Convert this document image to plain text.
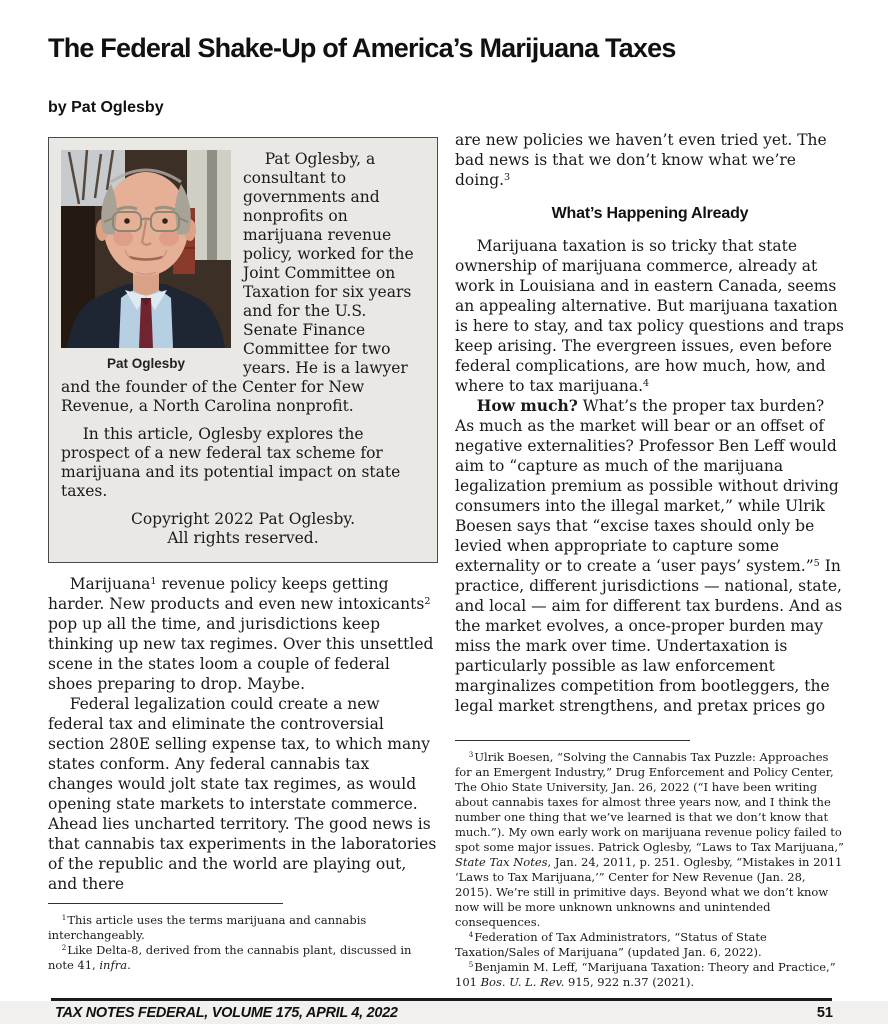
The Federal Shake-Up of America’s Marijuana Taxes
by Pat Oglesby
Pat Oglesby

Pat Oglesby, a consultant to governments and nonprofits on marijuana revenue policy, worked for the Joint Committee on Taxation for six years and for the U.S. Senate Finance Committee for two years. He is a lawyer and the founder of the Center for New Revenue, a North Carolina nonprofit.

In this article, Oglesby explores the prospect of a new federal tax scheme for marijuana and its potential impact on state taxes.

Copyright 2022 Pat Oglesby.
All rights reserved.

Marijuana$^1$ revenue policy keeps getting harder. New products and even new intoxicants$^2$ pop up all the time, and jurisdictions keep thinking up new tax regimes. Over this unsettled scene in the states loom a couple of federal shoes preparing to drop. Maybe.

Federal legalization could create a new federal tax and eliminate the controversial section 280E selling expense tax, to which many states conform. Any federal cannabis tax changes would jolt state tax regimes, as would opening state markets to interstate commerce. Ahead lies uncharted territory. The good news is that cannabis tax experiments in the laboratories of the republic and the world are playing out, and there

are new policies we haven’t even tried yet. The bad news is that we don’t know what we’re doing.$^3$

What’s Happening Already

Marijuana taxation is so tricky that state ownership of marijuana commerce, already at work in Louisiana and in eastern Canada, seems an appealing alternative. But marijuana taxation is here to stay, and tax policy questions and traps keep arising. The evergreen issues, even before federal complications, are how much, how, and where to tax marijuana.$^4$

How much? What’s the proper tax burden? As much as the market will bear or an offset of negative externalities? Professor Ben Leff would aim to “capture as much of the marijuana legalization premium as possible without driving consumers into the illegal market,” while Ulrik Boesen says that “excise taxes should only be levied when appropriate to capture some externality or to create a ‘user pays’ system.”$^5$ In practice, different jurisdictions — national, state, and local — aim for different tax burdens. And as the market evolves, a once-proper burden may miss the mark over time. Undertaxation is particularly possible as law enforcement marginalizes competition from bootleggers, the legal market strengthens, and pretax prices go

$^1$This article uses the terms marijuana and cannabis interchangeably.

$^2$Like Delta-8, derived from the cannabis plant, discussed in note 41, infra.

$^3$Ulrik Boesen, “Solving the Cannabis Tax Puzzle: Approaches for an Emergent Industry,” Drug Enforcement and Policy Center, The Ohio State University, Jan. 26, 2022 (“I have been writing about cannabis taxes for almost three years now, and I think the number one thing that we’ve learned is that we don’t know that much.”). My own early work on marijuana revenue policy failed to spot some major issues. Patrick Oglesby, “Laws to Tax Marijuana,” State Tax Notes, Jan. 24, 2011, p. 251. Oglesby, “Mistakes in 2011 ‘Laws to Tax Marijuana,’” Center for New Revenue (Jan. 28, 2015). We’re still in primitive days. Beyond what we don’t know now will be more unknown unknowns and unintended consequences.

$^4$Federation of Tax Administrators, “Status of State Taxation/Sales of Marijuana” (updated Jan. 6, 2022).

$^5$Benjamin M. Leff, “Marijuana Taxation: Theory and Practice,” 101 Bos. U. L. Rev. 915, 922 n.37 (2021).

TAX NOTES FEDERAL, VOLUME 175, APRIL 4, 2022	51
